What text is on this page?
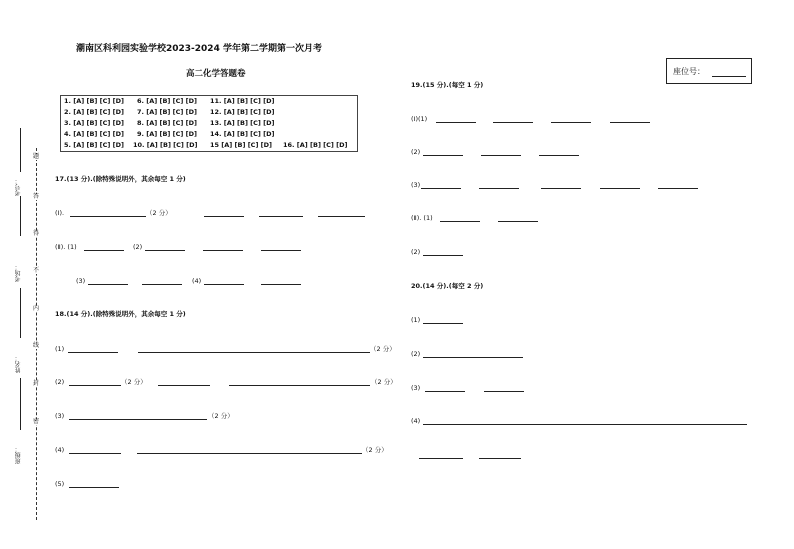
考号：
考场：
姓名：
班级：
题
答
得
不
内
线
封
密
潮南区科利园实验学校2023-2024 学年第二学期第一次月考
高二化学答题卷	座位号：
1. [A] [B] [C] [D] 6. [A] [B] [C] [D] 11. [A] [B] [C] [D]
2. [A] [B] [C] [D] 7. [A] [B] [C] [D] 12. [A] [B] [C] [D]
3. [A] [B] [C] [D] 8. [A] [B] [C] [D] 13. [A] [B] [C] [D]
4. [A] [B] [C] [D] 9. [A] [B] [C] [D] 14. [A] [B] [C] [D]
5. [A] [B] [C] [D] 10. [A] [B] [C] [D] 15 [A] [B] [C] [D] 16. [A] [B] [C] [D]
17.(13 分).(除特殊说明外，其余每空 1 分)
(Ⅰ).	（2 分）
(Ⅱ). (1)	(2)
(3)	(4)
18.(14 分).(除特殊说明外，其余每空 1 分)
(1)	（2 分）
(2)	（2 分）	（2 分）
(3)	（2 分）
(4)	（2 分）
(5)
19.(15 分).(每空 1 分)
(Ⅰ)(1)
(2)
(3)
(Ⅱ). (1)
(2)
20.(14 分).(每空 2 分)
(1)
(2)
(3)
(4)
